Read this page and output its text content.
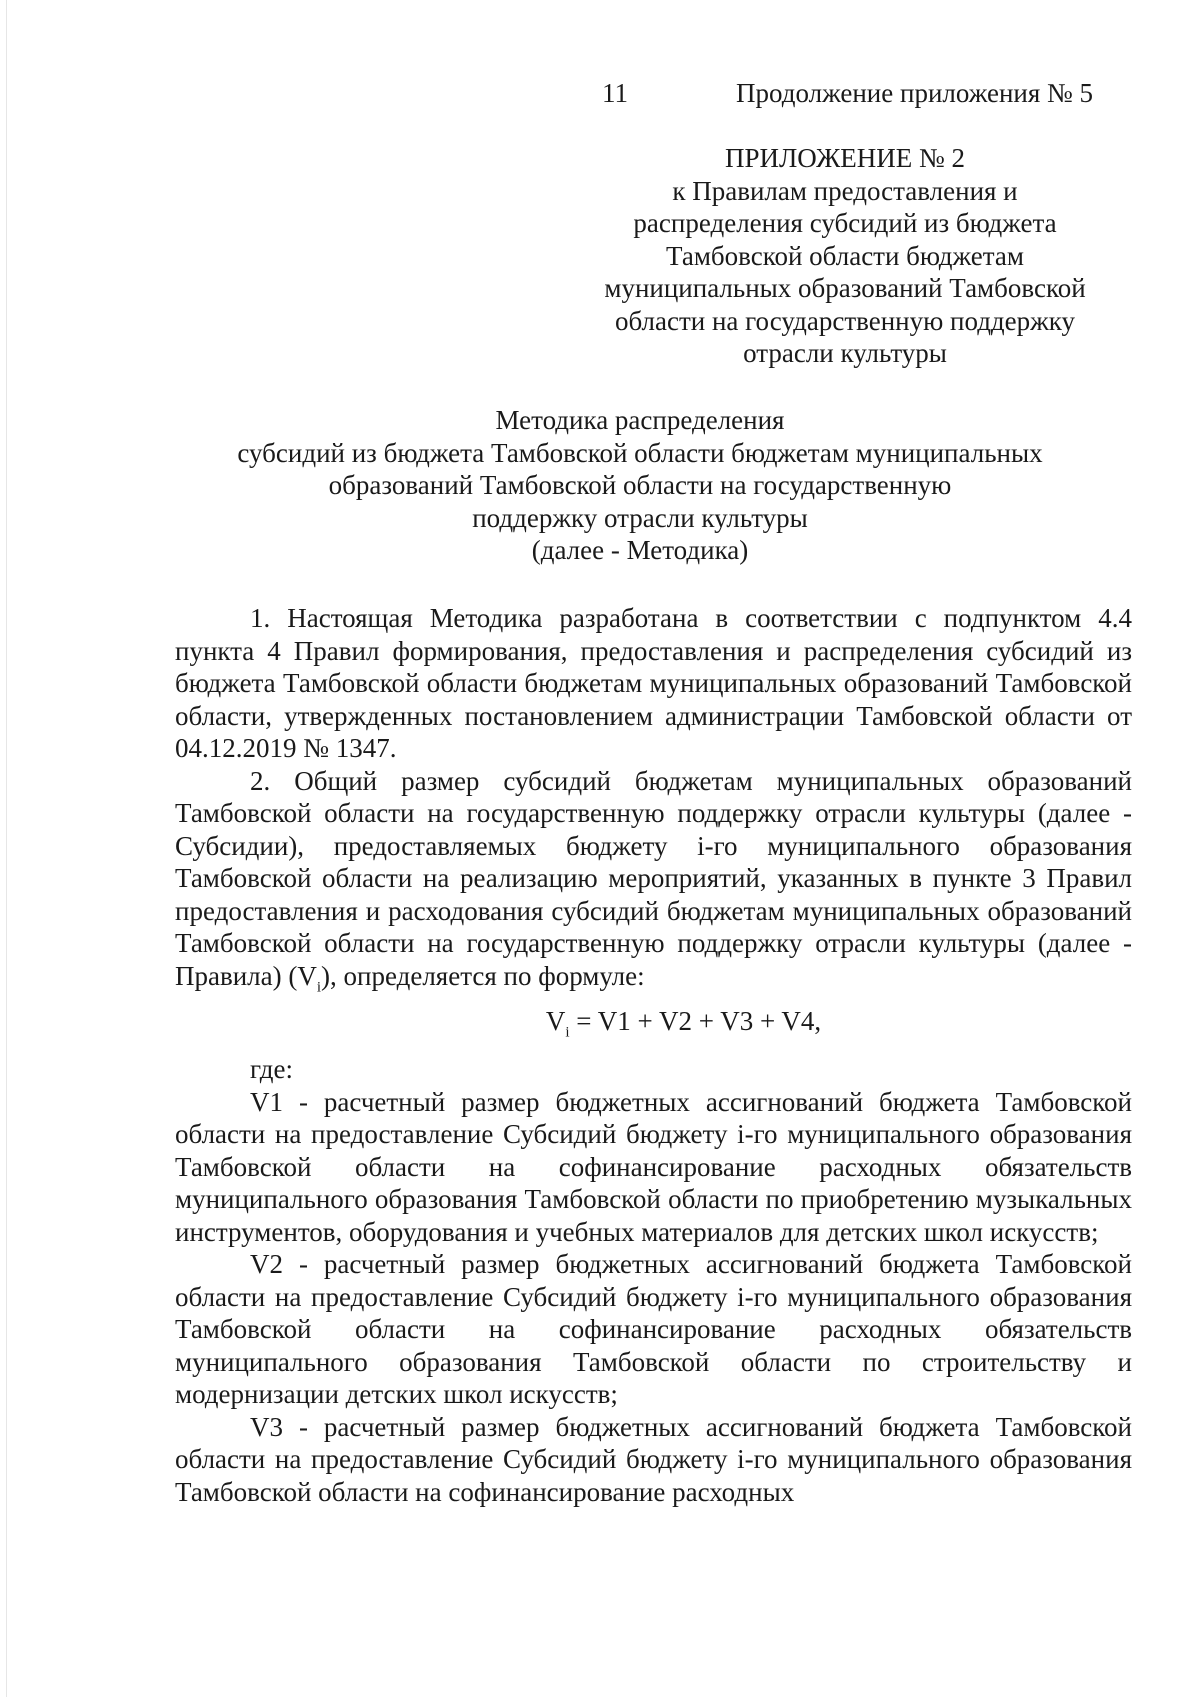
11	Продолжение приложения № 5
ПРИЛОЖЕНИЕ № 2
к Правилам предоставления и
распределения субсидий из бюджета
Тамбовской области бюджетам
муниципальных образований Тамбовской
области на государственную поддержку
отрасли культуры
Методика распределения
субсидий из бюджета Тамбовской области бюджетам муниципальных
образований Тамбовской области на государственную
поддержку отрасли культуры
(далее - Методика)

1. Настоящая Методика разработана в соответствии с подпунктом 4.4 пункта 4 Правил формирования, предоставления и распределения субсидий из бюджета Тамбовской области бюджетам муниципальных образований Тамбовской области, утвержденных постановлением администрации Тамбовской области от 04.12.2019 № 1347.

2. Общий размер субсидий бюджетам муниципальных образований Тамбовской области на государственную поддержку отрасли культуры (далее - Субсидии), предоставляемых бюджету i-го муниципального образования Тамбовской области на реализацию мероприятий, указанных в пункте 3 Правил предоставления и расходования субсидий бюджетам муниципальных образований Тамбовской области на государственную поддержку отрасли культуры (далее - Правила) $(V_i)$, определяется по формуле:

$V_i = V1 + V2 + V3 + V4$,

где:

V1 - расчетный размер бюджетных ассигнований бюджета Тамбовской области на предоставление Субсидий бюджету i-го муниципального образования Тамбовской области на софинансирование расходных обязательств муниципального образования Тамбовской области по приобретению музыкальных инструментов, оборудования и учебных материалов для детских школ искусств;

V2 - расчетный размер бюджетных ассигнований бюджета Тамбовской области на предоставление Субсидий бюджету i-го муниципального образования Тамбовской области на софинансирование расходных обязательств муниципального образования Тамбовской области по строительству и модернизации детских школ искусств;

V3 - расчетный размер бюджетных ассигнований бюджета Тамбовской области на предоставление Субсидий бюджету i-го муниципального образования Тамбовской области на софинансирование расходных
